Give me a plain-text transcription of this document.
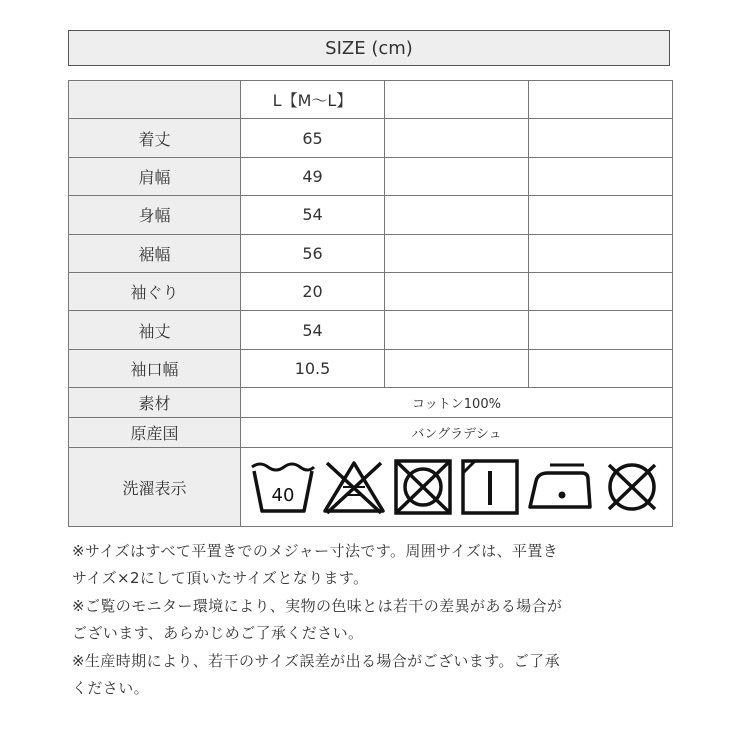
SIZE (cm)
	L【M〜L】		
着丈	65		
肩幅	49		
身幅	54		
裾幅	56		
袖ぐり	20		
袖丈	54		
袖口幅	10.5		
素材	コットン100%		
原産国	バングラデシュ		
洗濯表示	40		

※サイズはすべて平置きでのメジャー寸法です。周囲サイズは、平置き

サイズ×2にして頂いたサイズとなります。

※ご覧のモニター環境により、実物の色味とは若干の差異がある場合が

ございます、あらかじめご了承ください。

※生産時期により、若干のサイズ誤差が出る場合がございます。ご了承

ください。
